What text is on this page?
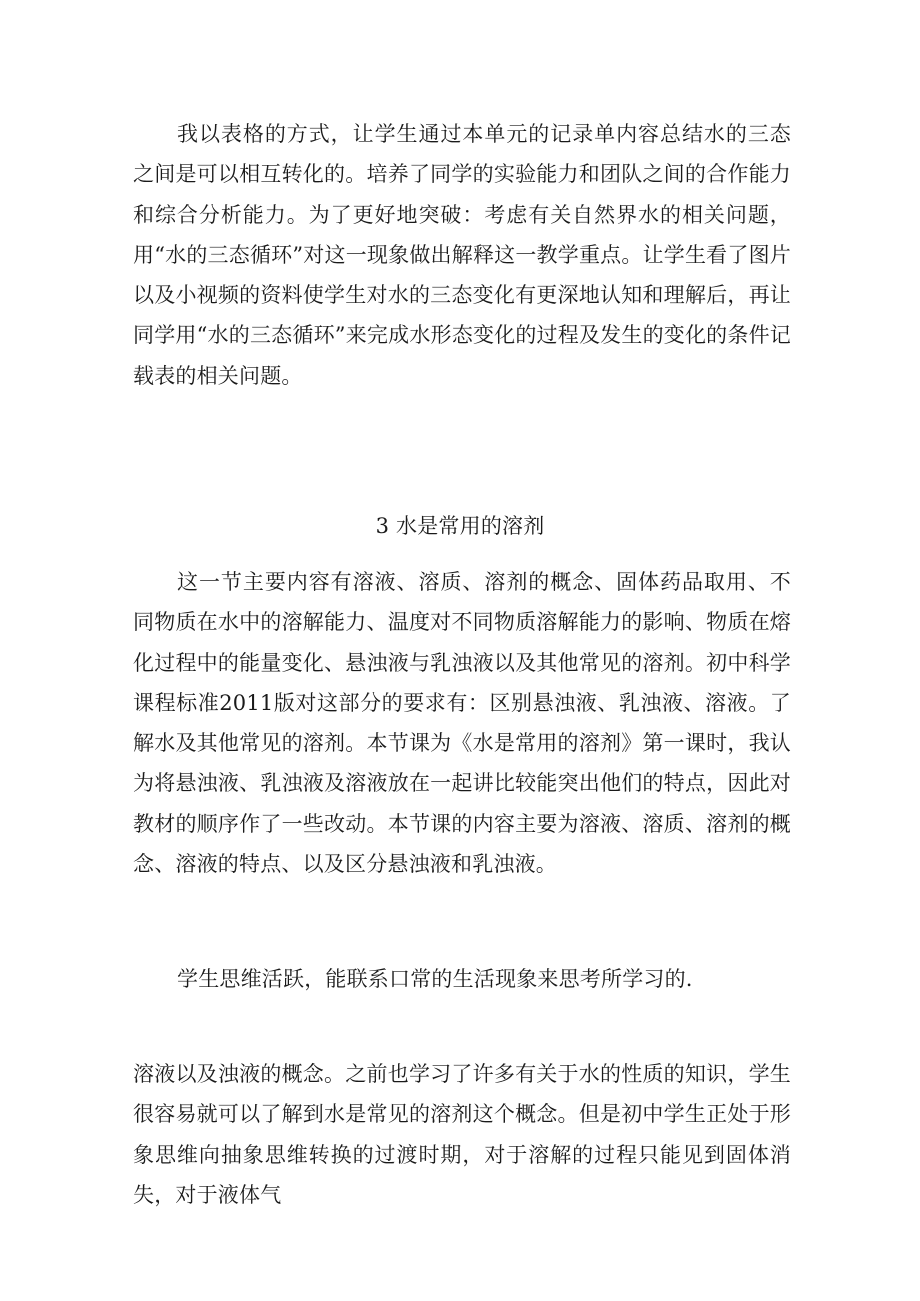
我以表格的方式，让学生通过本单元的记录单内容总结水的三态之间是可以相互转化的。培养了同学的实验能力和团队之间的合作能力和综合分析能力。为了更好地突破：考虑有关自然界水的相关问题，用“水的三态循环”对这一现象做出解释这一教学重点。让学生看了图片以及小视频的资料使学生对水的三态变化有更深地认知和理解后，再让同学用“水的三态循环”来完成水形态变化的过程及发生的变化的条件记载表的相关问题。

3 水是常用的溶剂

这一节主要内容有溶液、溶质、溶剂的概念、固体药品取用、不同物质在水中的溶解能力、温度对不同物质溶解能力的影响、物质在熔化过程中的能量变化、悬浊液与乳浊液以及其他常见的溶剂。初中科学课程标准2011版对这部分的要求有：区别悬浊液、乳浊液、溶液。了解水及其他常见的溶剂。本节课为《水是常用的溶剂》第一课时，我认为将悬浊液、乳浊液及溶液放在一起讲比较能突出他们的特点，因此对教材的顺序作了一些改动。本节课的内容主要为溶液、溶质、溶剂的概念、溶液的特点、以及区分悬浊液和乳浊液。

学生思维活跃，能联系口常的生活现象来思考所学习的.

溶液以及浊液的概念。之前也学习了许多有关于水的性质的知识，学生很容易就可以了解到水是常见的溶剂这个概念。但是初中学生正处于形象思维向抽象思维转换的过渡时期，对于溶解的过程只能见到固体消失，对于液体气
